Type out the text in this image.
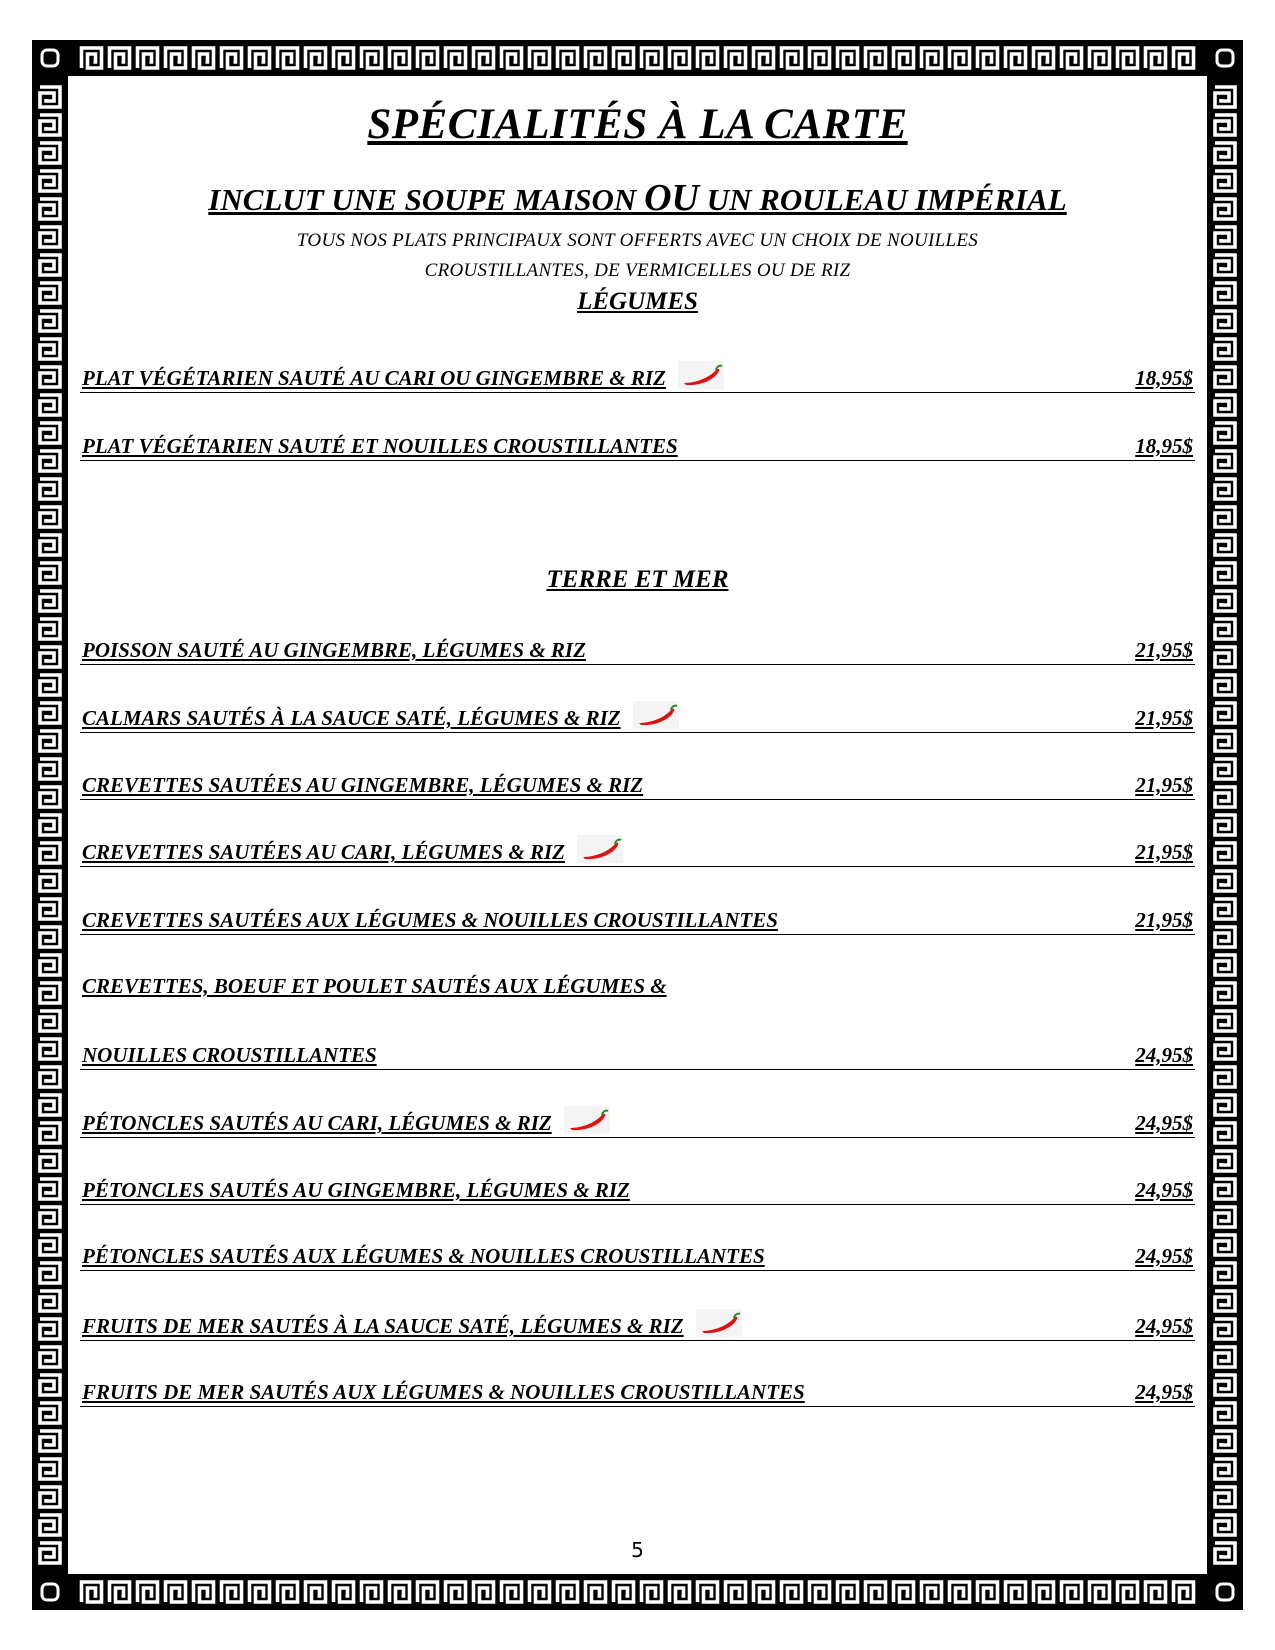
SPÉCIALITÉS À LA CARTE
INCLUT UNE SOUPE MAISON OU UN ROULEAU IMPÉRIAL
TOUS NOS PLATS PRINCIPAUX SONT OFFERTS AVEC UN CHOIX DE NOUILLES
CROUSTILLANTES, DE VERMICELLES OU DE RIZ
LÉGUMES
PLAT VÉGÉTARIEN SAUTÉ AU CARI OU GINGEMBRE & RIZ	18,95$
PLAT VÉGÉTARIEN SAUTÉ ET NOUILLES CROUSTILLANTES	18,95$
TERRE ET MER
POISSON SAUTÉ AU GINGEMBRE, LÉGUMES & RIZ	21,95$
CALMARS SAUTÉS À LA SAUCE SATÉ, LÉGUMES & RIZ	21,95$
CREVETTES SAUTÉES AU GINGEMBRE, LÉGUMES & RIZ	21,95$
CREVETTES SAUTÉES AU CARI, LÉGUMES & RIZ	21,95$
CREVETTES SAUTÉES AUX LÉGUMES & NOUILLES CROUSTILLANTES	21,95$
CREVETTES, BOEUF ET POULET SAUTÉS AUX LÉGUMES &
NOUILLES CROUSTILLANTES	24,95$
PÉTONCLES SAUTÉS AU CARI, LÉGUMES & RIZ	24,95$
PÉTONCLES SAUTÉS AU GINGEMBRE, LÉGUMES & RIZ	24,95$
PÉTONCLES SAUTÉS AUX LÉGUMES & NOUILLES CROUSTILLANTES	24,95$
FRUITS DE MER SAUTÉS À LA SAUCE SATÉ, LÉGUMES & RIZ	24,95$
FRUITS DE MER SAUTÉS AUX LÉGUMES & NOUILLES CROUSTILLANTES	24,95$
5
